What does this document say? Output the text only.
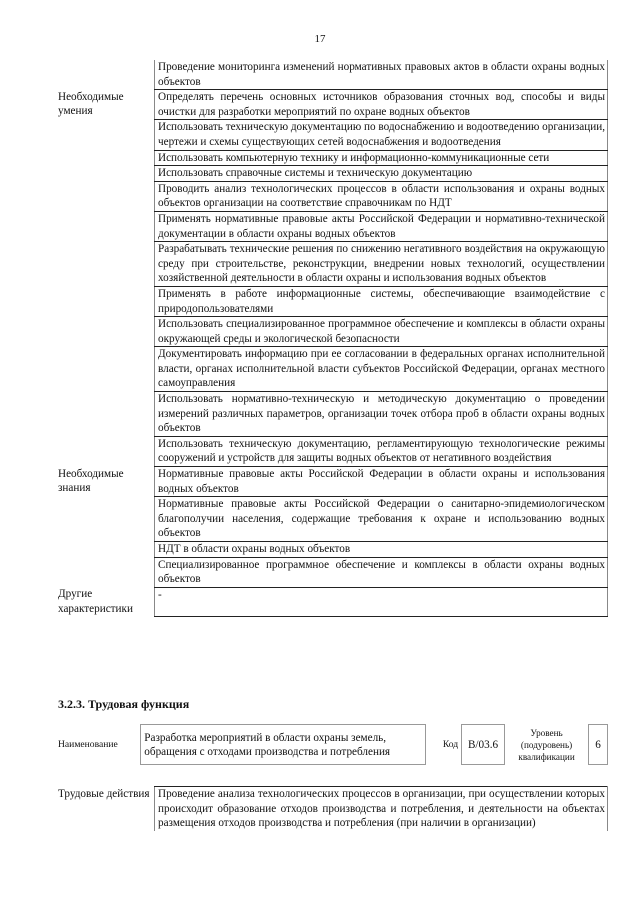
17
	Проведение мониторинга изменений нормативных правовых актов в области охраны водных объектов
Необходимые умения	Определять перечень основных источников образования сточных вод, способы и виды очистки для разработки мероприятий по охране водных объектов
	Использовать техническую документацию по водоснабжению и водоотведению организации, чертежи и схемы существующих сетей водоснабжения и водоотведения
	Использовать компьютерную технику и информационно-коммуникационные сети
	Использовать справочные системы и техническую документацию
	Проводить анализ технологических процессов в области использования и охраны водных объектов организации на соответствие справочникам по НДТ
	Применять нормативные правовые акты Российской Федерации и нормативно-технической документации в области охраны водных объектов
	Разрабатывать технические решения по снижению негативного воздействия на окружающую среду при строительстве, реконструкции, внедрении новых технологий, осуществлении хозяйственной деятельности в области охраны и использования водных объектов
	Применять в работе информационные системы, обеспечивающие взаимодействие с природопользователями
	Использовать специализированное программное обеспечение и комплексы в области охраны окружающей среды и экологической безопасности
	Документировать информацию при ее согласовании в федеральных органах исполнительной власти, органах исполнительной власти субъектов Российской Федерации, органах местного самоуправления
	Использовать нормативно-техническую и методическую документацию о проведении измерений различных параметров, организации точек отбора проб в области охраны водных объектов
	Использовать техническую документацию, регламентирующую технологические режимы сооружений и устройств для защиты водных объектов от негативного воздействия
Необходимые знания	Нормативные правовые акты Российской Федерации в области охраны и использования водных объектов
	Нормативные правовые акты Российской Федерации о санитарно-эпидемиологическом благополучии населения, содержащие требования к охране и использованию водных объектов
	НДТ в области охраны водных объектов
	Специализированное программное обеспечение и комплексы в области охраны водных объектов
Другие характеристики	-
3.2.3. Трудовая функция
Наименование	Разработка мероприятий в области охраны земель, обращения с отходами производства и потребления	Код	B/03.6	Уровень (подуровень) квалификации	6
Трудовые действия	Проведение анализа технологических процессов в организации, при осуществлении которых происходит образование отходов производства и потребления, и деятельности на объектах размещения отходов производства и потребления (при наличии в организации)
